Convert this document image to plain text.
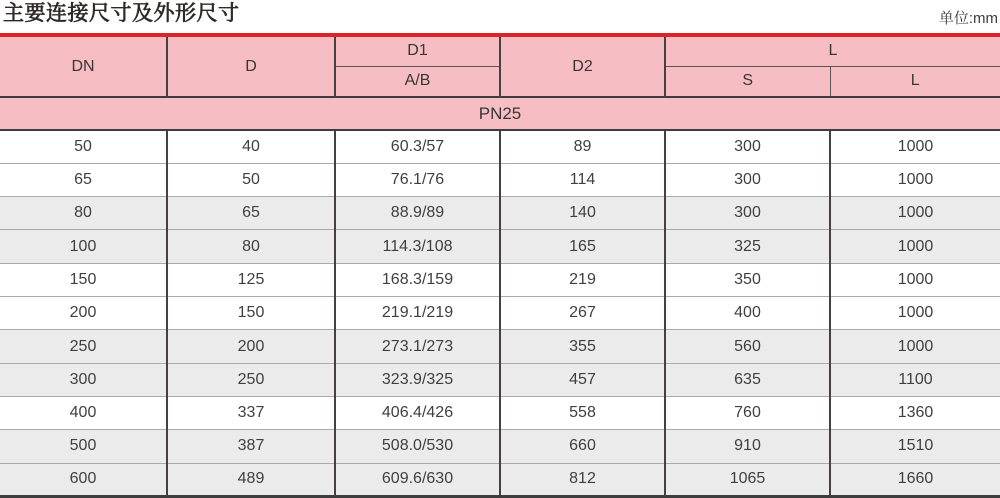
主要连接尺寸及外形尺寸	单位:mm
DN	D	D1	D2	L	
		A/B		S	L
PN25					
50	40	60.3/57	89	300	1000
65	50	76.1/76	114	300	1000
80	65	88.9/89	140	300	1000
100	80	114.3/108	165	325	1000
150	125	168.3/159	219	350	1000
200	150	219.1/219	267	400	1000
250	200	273.1/273	355	560	1000
300	250	323.9/325	457	635	1100
400	337	406.4/426	558	760	1360
500	387	508.0/530	660	910	1510
600	489	609.6/630	812	1065	1660
